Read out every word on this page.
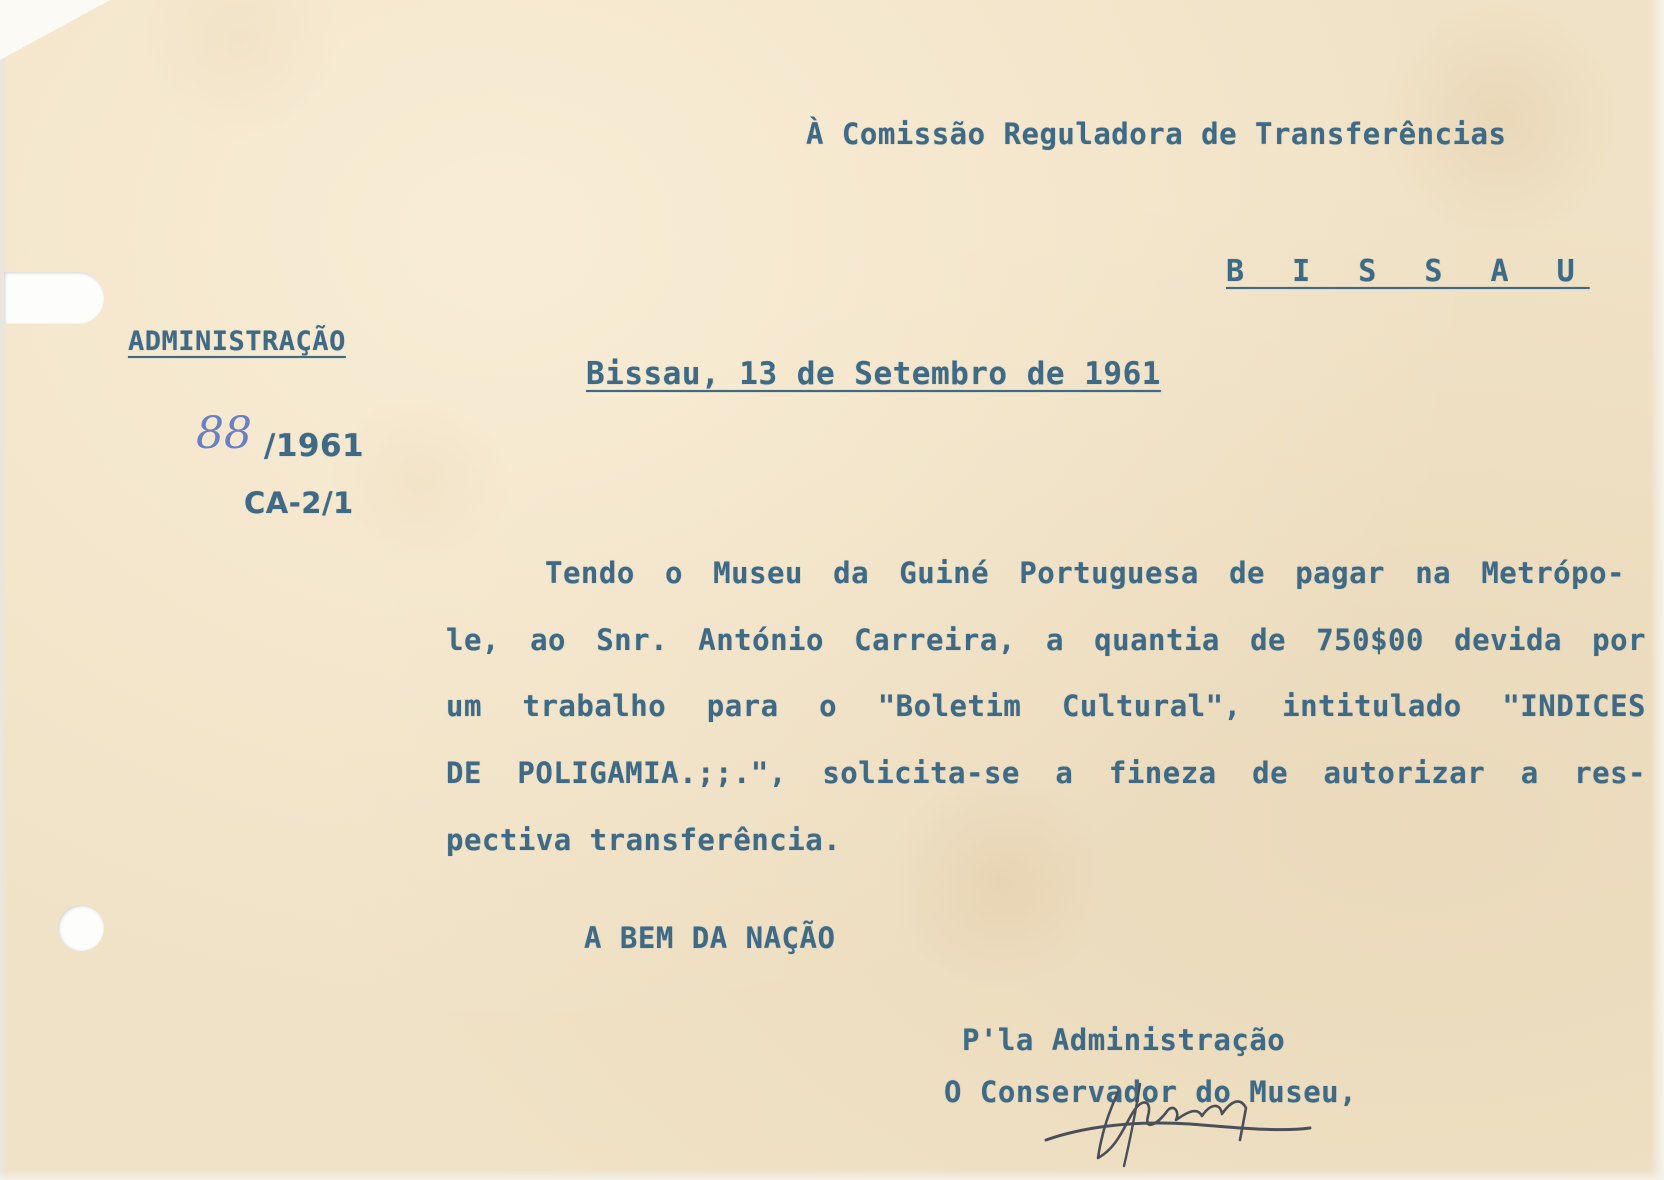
À Comissão Reguladora de Transferências
B I S S A U
ADMINISTRAÇÃO
88 /1961
CA-2/1
Bissau, 13 de Setembro de 1961
Tendo o Museu da Guiné Portuguesa de pagar na Metrópo-
le, ao Snr. António Carreira, a quantia de 750$00 devida por
um trabalho para o "Boletim Cultural", intitulado "INDICES
DE POLIGAMIA.;;.", solicita-se a fineza de autorizar a res-
pectiva transferência.
A BEM DA NAÇÃO
P'la Administração
O Conservador do Museu,
